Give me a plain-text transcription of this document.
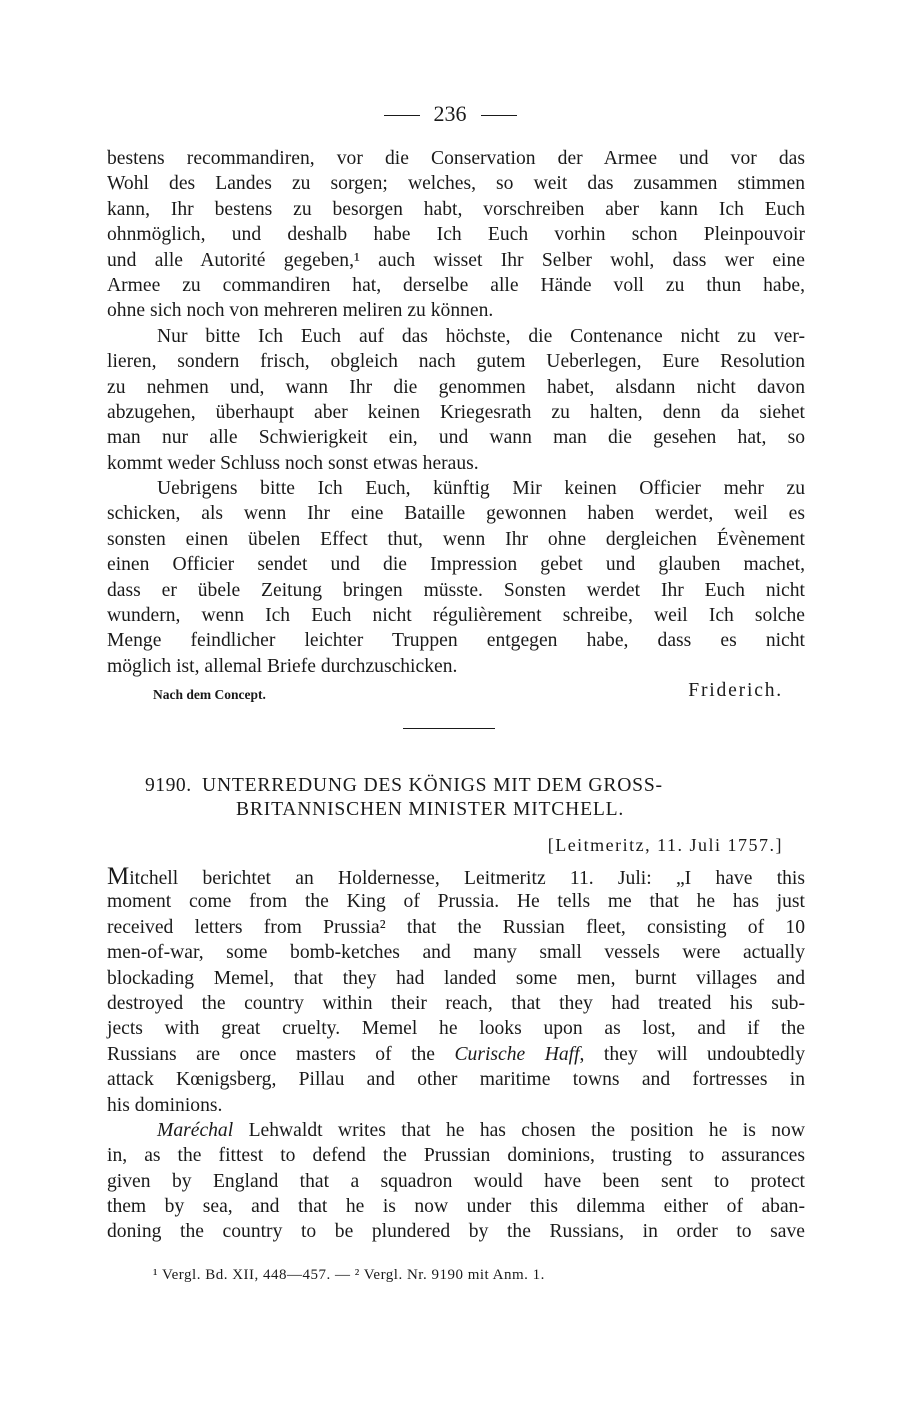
236
bestens recommandiren, vor die Conservation der Armee und vor das
Wohl des Landes zu sorgen; welches, so weit das zusammen stimmen
kann, Ihr bestens zu besorgen habt, vorschreiben aber kann Ich Euch
ohnmöglich, und deshalb habe Ich Euch vorhin schon Pleinpouvoir
und alle Autorité gegeben,¹ auch wisset Ihr Selber wohl, dass wer eine
Armee zu commandiren hat, derselbe alle Hände voll zu thun habe,
ohne sich noch von mehreren meliren zu können.
Nur bitte Ich Euch auf das höchste, die Contenance nicht zu ver-
lieren, sondern frisch, obgleich nach gutem Ueberlegen, Eure Resolution
zu nehmen und, wann Ihr die genommen habet, alsdann nicht davon
abzugehen, überhaupt aber keinen Kriegesrath zu halten, denn da siehet
man nur alle Schwierigkeit ein, und wann man die gesehen hat, so
kommt weder Schluss noch sonst etwas heraus.
Uebrigens bitte Ich Euch, künftig Mir keinen Officier mehr zu
schicken, als wenn Ihr eine Bataille gewonnen haben werdet, weil es
sonsten einen übelen Effect thut, wenn Ihr ohne dergleichen Évènement
einen Officier sendet und die Impression gebet und glauben machet,
dass er übele Zeitung bringen müsste. Sonsten werdet Ihr Euch nicht
wundern, wenn Ich Euch nicht régulièrement schreibe, weil Ich solche
Menge feindlicher leichter Truppen entgegen habe, dass es nicht
möglich ist, allemal Briefe durchzuschicken.
Nach dem Concept.	Friderich.
9190. UNTERREDUNG DES KÖNIGS MIT DEM GROSS-
BRITANNISCHEN MINISTER MITCHELL.
[Leitmeritz, 11. Juli 1757.]
Mitchell berichtet an Holdernesse, Leitmeritz 11. Juli: „I have this
moment come from the King of Prussia. He tells me that he has just
received letters from Prussia² that the Russian fleet, consisting of 10
men-of-war, some bomb-ketches and many small vessels were actually
blockading Memel, that they had landed some men, burnt villages and
destroyed the country within their reach, that they had treated his sub-
jects with great cruelty. Memel he looks upon as lost, and if the
Russians are once masters of the Curische Haff, they will undoubtedly
attack Kœnigsberg, Pillau and other maritime towns and fortresses in
his dominions.
Maréchal Lehwaldt writes that he has chosen the position he is now
in, as the fittest to defend the Prussian dominions, trusting to assurances
given by England that a squadron would have been sent to protect
them by sea, and that he is now under this dilemma either of aban-
doning the country to be plundered by the Russians, in order to save
¹ Vergl. Bd. XII, 448—457. — ² Vergl. Nr. 9190 mit Anm. 1.
